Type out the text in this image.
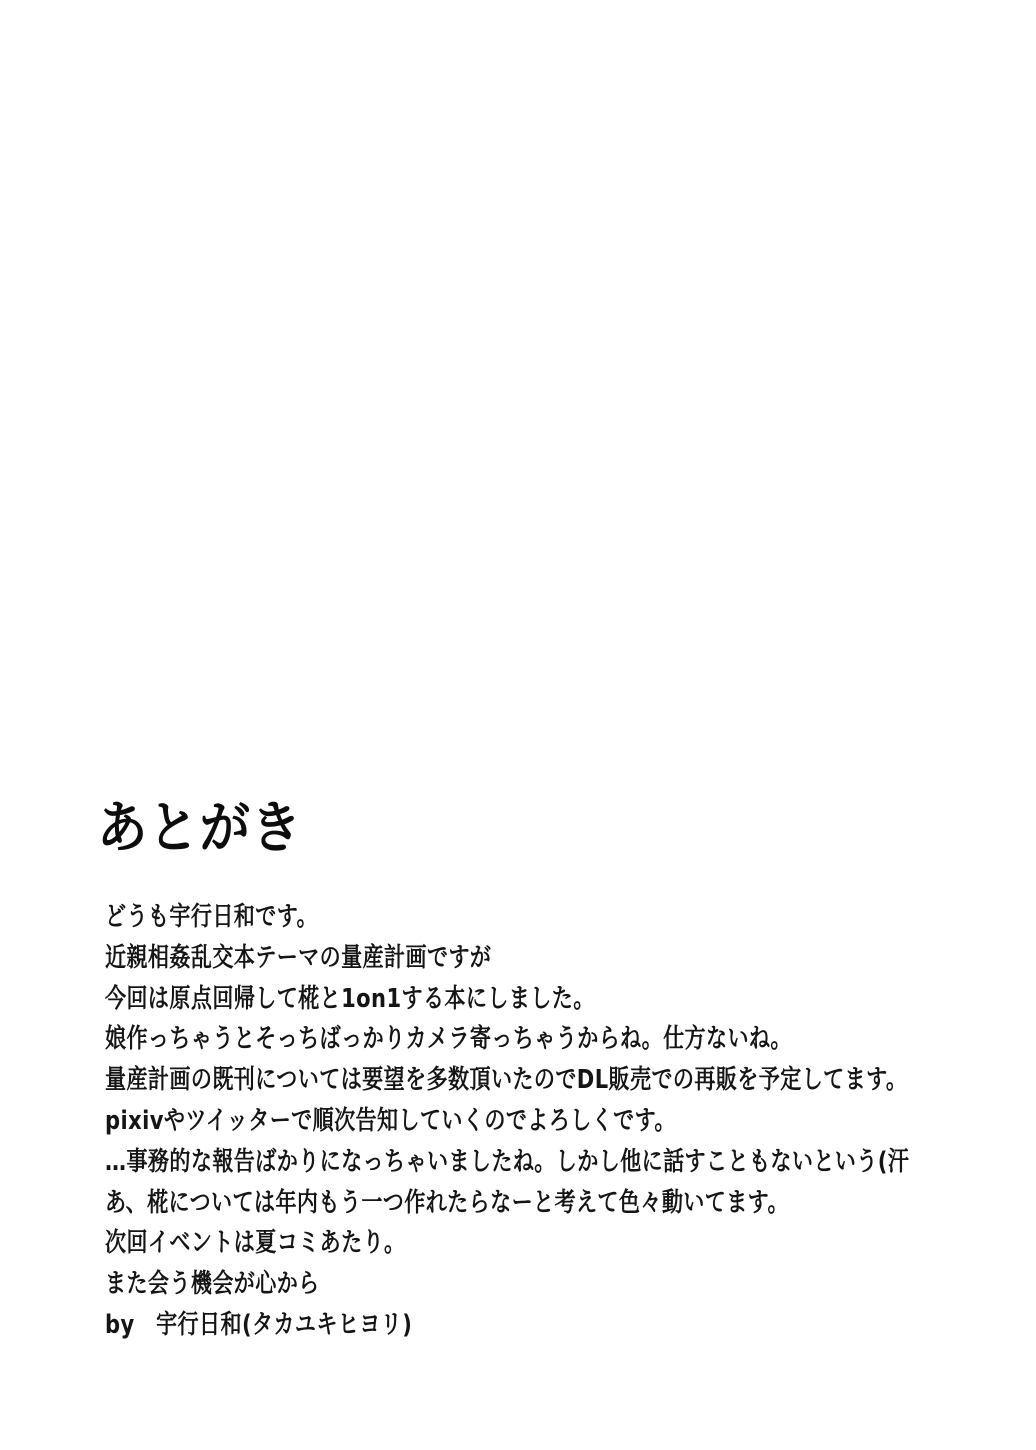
あとがき
どうも宇行日和です。
近親相姦乱交本テーマの量産計画ですが
今回は原点回帰して椛と1on1する本にしました。
娘作っちゃうとそっちばっかりカメラ寄っちゃうからね。仕方ないね。
量産計画の既刊については要望を多数頂いたのでDL販売での再販を予定してます。
pixivやツイッターで順次告知していくのでよろしくです。
…事務的な報告ばかりになっちゃいましたね。しかし他に話すこともないという(汗
あ、椛については年内もう一つ作れたらなーと考えて色々動いてます。
次回イベントは夏コミあたり。
また会う機会が心から
by　宇行日和(タカユキヒヨリ)
